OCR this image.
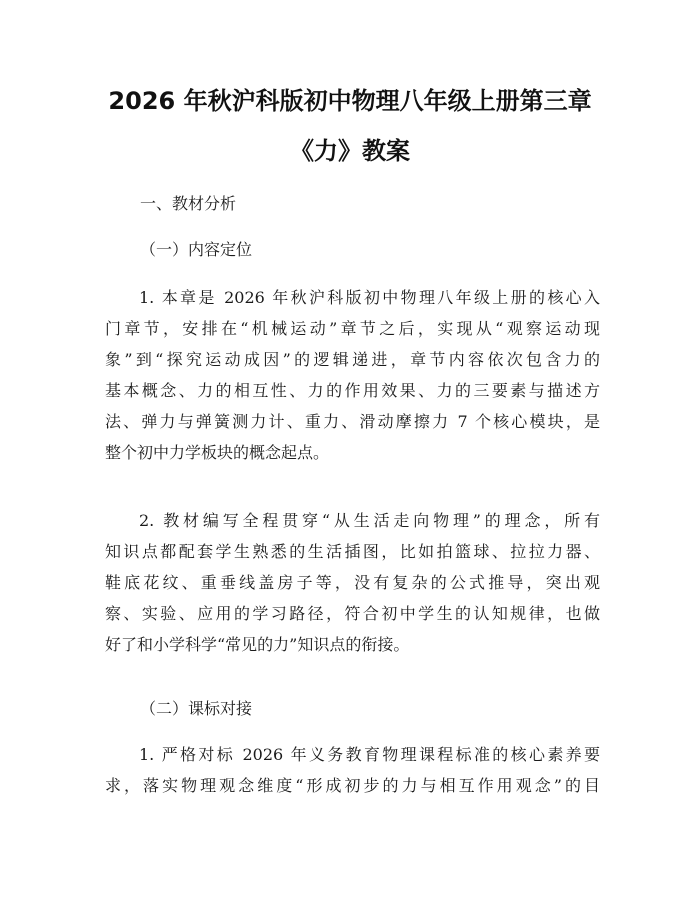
2026 年秋沪科版初中物理八年级上册第三章
《力》教案
一、教材分析
（一）内容定位
1. 本章是 2026 年秋沪科版初中物理八年级上册的核心入
门章节，安排在“机械运动”章节之后，实现从“观察运动现
象”到“探究运动成因”的逻辑递进，章节内容依次包含力的
基本概念、力的相互性、力的作用效果、力的三要素与描述方
法、弹力与弹簧测力计、重力、滑动摩擦力 7 个核心模块，是
整个初中力学板块的概念起点。
2. 教材编写全程贯穿“从生活走向物理”的理念，所有
知识点都配套学生熟悉的生活插图，比如拍篮球、拉拉力器、
鞋底花纹、重垂线盖房子等，没有复杂的公式推导，突出观
察、实验、应用的学习路径，符合初中学生的认知规律，也做
好了和小学科学“常见的力”知识点的衔接。
（二）课标对接
1. 严格对标 2026 年义务教育物理课程标准的核心素养要
求，落实物理观念维度“形成初步的力与相互作用观念”的目
